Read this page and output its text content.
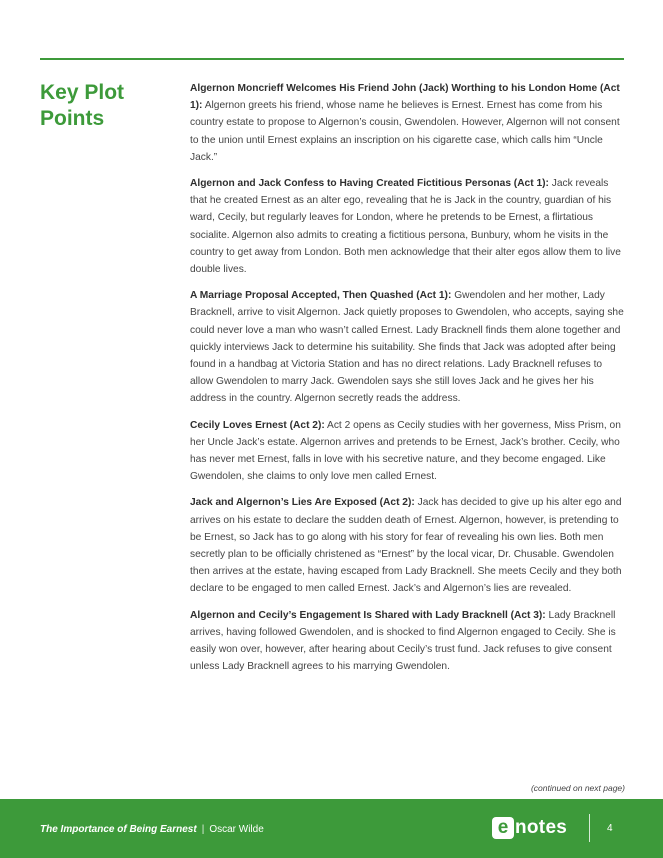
Key Plot Points

Algernon Moncrieff Welcomes His Friend John (Jack) Worthing to his London Home (Act 1): Algernon greets his friend, whose name he believes is Ernest. Ernest has come from his country estate to propose to Algernon’s cousin, Gwendolen. However, Algernon will not consent to the union until Ernest explains an inscription on his cigarette case, which calls him “Uncle Jack.”

Algernon and Jack Confess to Having Created Fictitious Personas (Act 1): Jack reveals that he created Ernest as an alter ego, revealing that he is Jack in the country, guardian of his ward, Cecily, but regularly leaves for London, where he pretends to be Ernest, a flirtatious socialite. Algernon also admits to creating a fictitious persona, Bunbury, whom he visits in the country to get away from London. Both men acknowledge that their alter egos allow them to live double lives.

A Marriage Proposal Accepted, Then Quashed (Act 1): Gwendolen and her mother, Lady Bracknell, arrive to visit Algernon. Jack quietly proposes to Gwendolen, who accepts, saying she could never love a man who wasn’t called Ernest. Lady Bracknell finds them alone together and quickly interviews Jack to determine his suitability. She finds that Jack was adopted after being found in a handbag at Victoria Station and has no direct relations. Lady Bracknell refuses to allow Gwendolen to marry Jack. Gwendolen says she still loves Jack and he gives her his address in the country. Algernon secretly reads the address.

Cecily Loves Ernest (Act 2): Act 2 opens as Cecily studies with her governess, Miss Prism, on her Uncle Jack’s estate. Algernon arrives and pretends to be Ernest, Jack’s brother. Cecily, who has never met Ernest, falls in love with his secretive nature, and they become engaged. Like Gwendolen, she claims to only love men called Ernest.

Jack and Algernon’s Lies Are Exposed (Act 2): Jack has decided to give up his alter ego and arrives on his estate to declare the sudden death of Ernest. Algernon, however, is pretending to be Ernest, so Jack has to go along with his story for fear of revealing his own lies. Both men secretly plan to be officially christened as “Ernest” by the local vicar, Dr. Chusable. Gwendolen then arrives at the estate, having escaped from Lady Bracknell. She meets Cecily and they both declare to be engaged to men called Ernest. Jack’s and Algernon’s lies are revealed.

Algernon and Cecily’s Engagement Is Shared with Lady Bracknell (Act 3): Lady Bracknell arrives, having followed Gwendolen, and is shocked to find Algernon engaged to Cecily. She is easily won over, however, after hearing about Cecily’s trust fund. Jack refuses to give consent unless Lady Bracknell agrees to his marrying Gwendolen.

(continued on next page)
The Importance of Being Earnest | Oscar Wilde	e notes	4
